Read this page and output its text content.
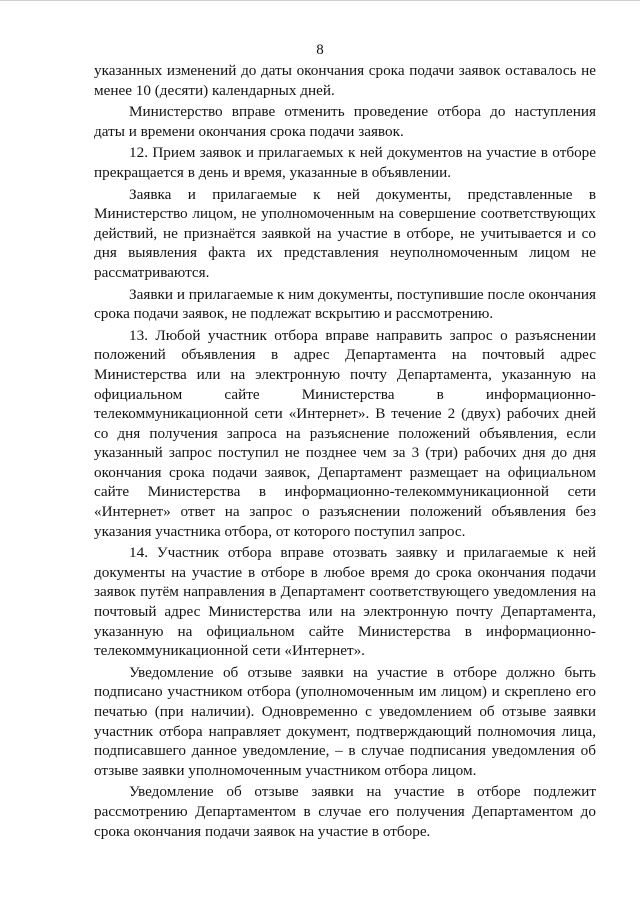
8

указанных изменений до даты окончания срока подачи заявок оставалось не менее 10 (десяти) календарных дней.

Министерство вправе отменить проведение отбора до наступления даты и времени окончания срока подачи заявок.

12. Прием заявок и прилагаемых к ней документов на участие в отборе прекращается в день и время, указанные в объявлении.

Заявка и прилагаемые к ней документы, представленные в Министерство лицом, не уполномоченным на совершение соответствующих действий, не признаётся заявкой на участие в отборе, не учитывается и со дня выявления факта их представления неуполномоченным лицом не рассматриваются.

Заявки и прилагаемые к ним документы, поступившие после окончания срока подачи заявок, не подлежат вскрытию и рассмотрению.

13. Любой участник отбора вправе направить запрос о разъяснении положений объявления в адрес Департамента на почтовый адрес Министерства или на электронную почту Департамента, указанную на официальном сайте Министерства в информационно-телекоммуникационной сети «Интернет». В течение 2 (двух) рабочих дней со дня получения запроса на разъяснение положений объявления, если указанный запрос поступил не позднее чем за 3 (три) рабочих дня до дня окончания срока подачи заявок, Департамент размещает на официальном сайте Министерства в информационно-телекоммуникационной сети «Интернет» ответ на запрос о разъяснении положений объявления без указания участника отбора, от которого поступил запрос.

14. Участник отбора вправе отозвать заявку и прилагаемые к ней документы на участие в отборе в любое время до срока окончания подачи заявок путём направления в Департамент соответствующего уведомления на почтовый адрес Министерства или на электронную почту Департамента, указанную на официальном сайте Министерства в информационно-телекоммуникационной сети «Интернет».

Уведомление об отзыве заявки на участие в отборе должно быть подписано участником отбора (уполномоченным им лицом) и скреплено его печатью (при наличии). Одновременно с уведомлением об отзыве заявки участник отбора направляет документ, подтверждающий полномочия лица, подписавшего данное уведомление, – в случае подписания уведомления об отзыве заявки уполномоченным участником отбора лицом.

Уведомление об отзыве заявки на участие в отборе подлежит рассмотрению Департаментом в случае его получения Департаментом до срока окончания подачи заявок на участие в отборе.
